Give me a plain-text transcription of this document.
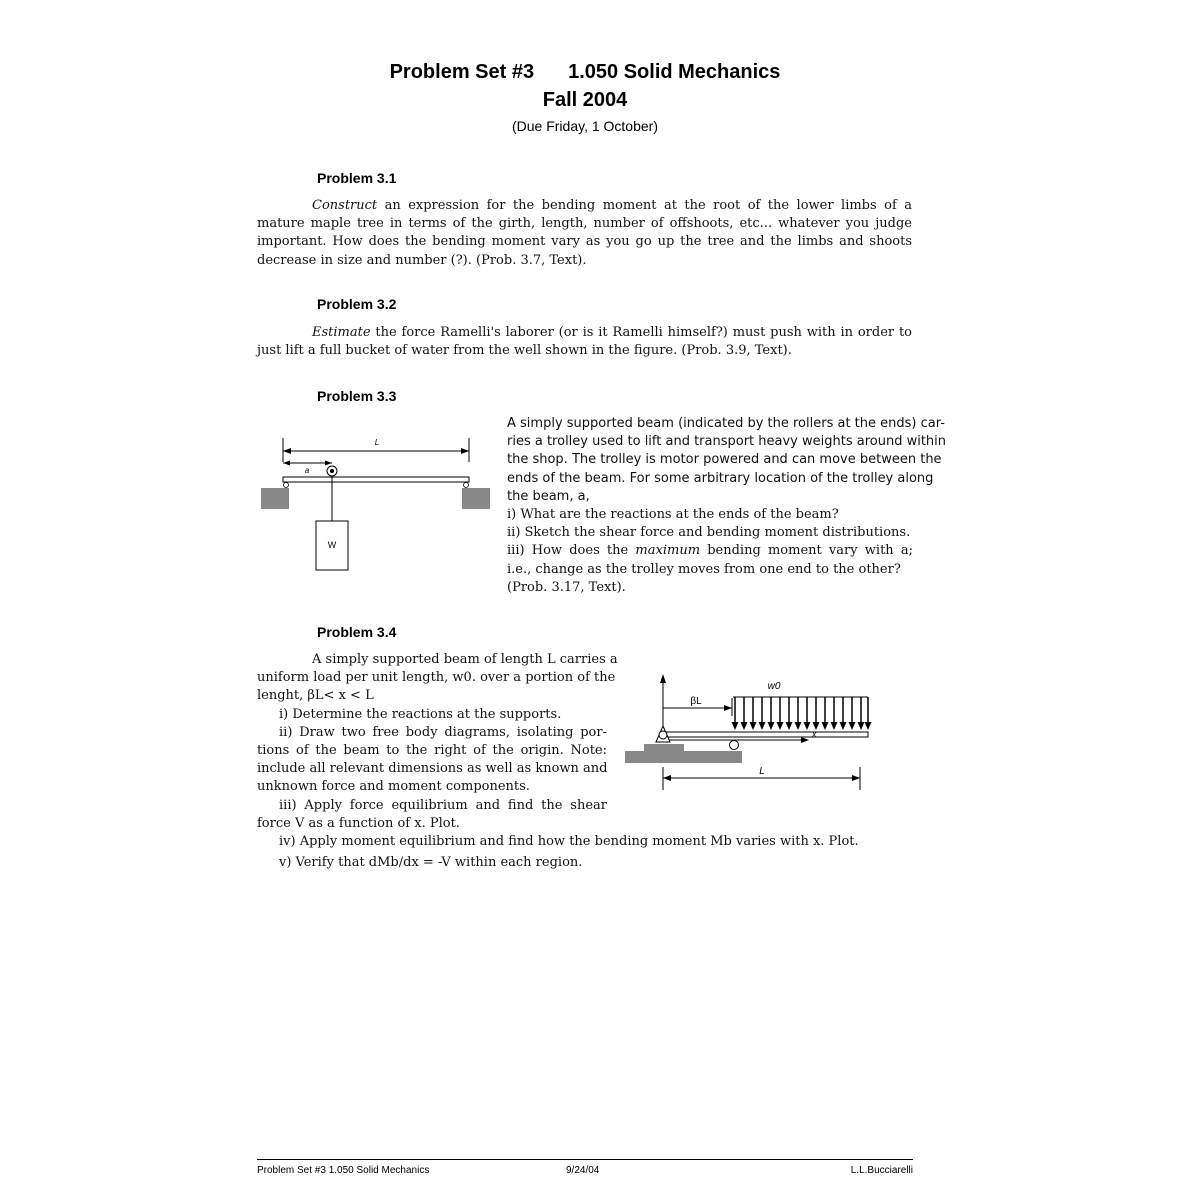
Problem Set #3 1.050 Solid Mechanics
Fall 2004
(Due Friday, 1 October)
Problem 3.1
Construct an expression for the bending moment at the root of the lower limbs of a mature maple tree in terms of the girth, length, number of offshoots, etc... whatever you judge important. How does the bending moment vary as you go up the tree and the limbs and shoots decrease in size and number (?). (Prob. 3.7, Text).
Problem 3.2
Estimate the force Ramelli's laborer (or is it Ramelli himself?) must push with in order to just lift a full bucket of water from the well shown in the figure. (Prob. 3.9, Text).
Problem 3.3
L
a
W
A simply supported beam (indicated by the rollers at the ends) car-
ries a trolley used to lift and transport heavy weights around within
the shop. The trolley is motor powered and can move between the
ends of the beam. For some arbitrary location of the trolley along
the beam, a,
i) What are the reactions at the ends of the beam?
ii) Sketch the shear force and bending moment distributions.
iii) How does the maximum bending moment vary with a;
i.e., change as the trolley moves from one end to the other?
(Prob. 3.17, Text).
Problem 3.4
A simply supported beam of length L carries a
uniform load per unit length, w0. over a portion of the
lenght, βL< x < L
i) Determine the reactions at the supports.
ii) Draw two free body diagrams, isolating por-
tions of the beam to the right of the origin. Note:
include all relevant dimensions as well as known and
unknown force and moment components.
iii) Apply force equilibrium and find the shear
force V as a function of x. Plot.
iv) Apply moment equilibrium and find how the bending moment Mb varies with x. Plot.
v) Verify that dMb/dx = -V within each region.
βL
w0
x
L
Problem Set #3 1.050 Solid Mechanics	9/24/04	L.L.Bucciarelli
